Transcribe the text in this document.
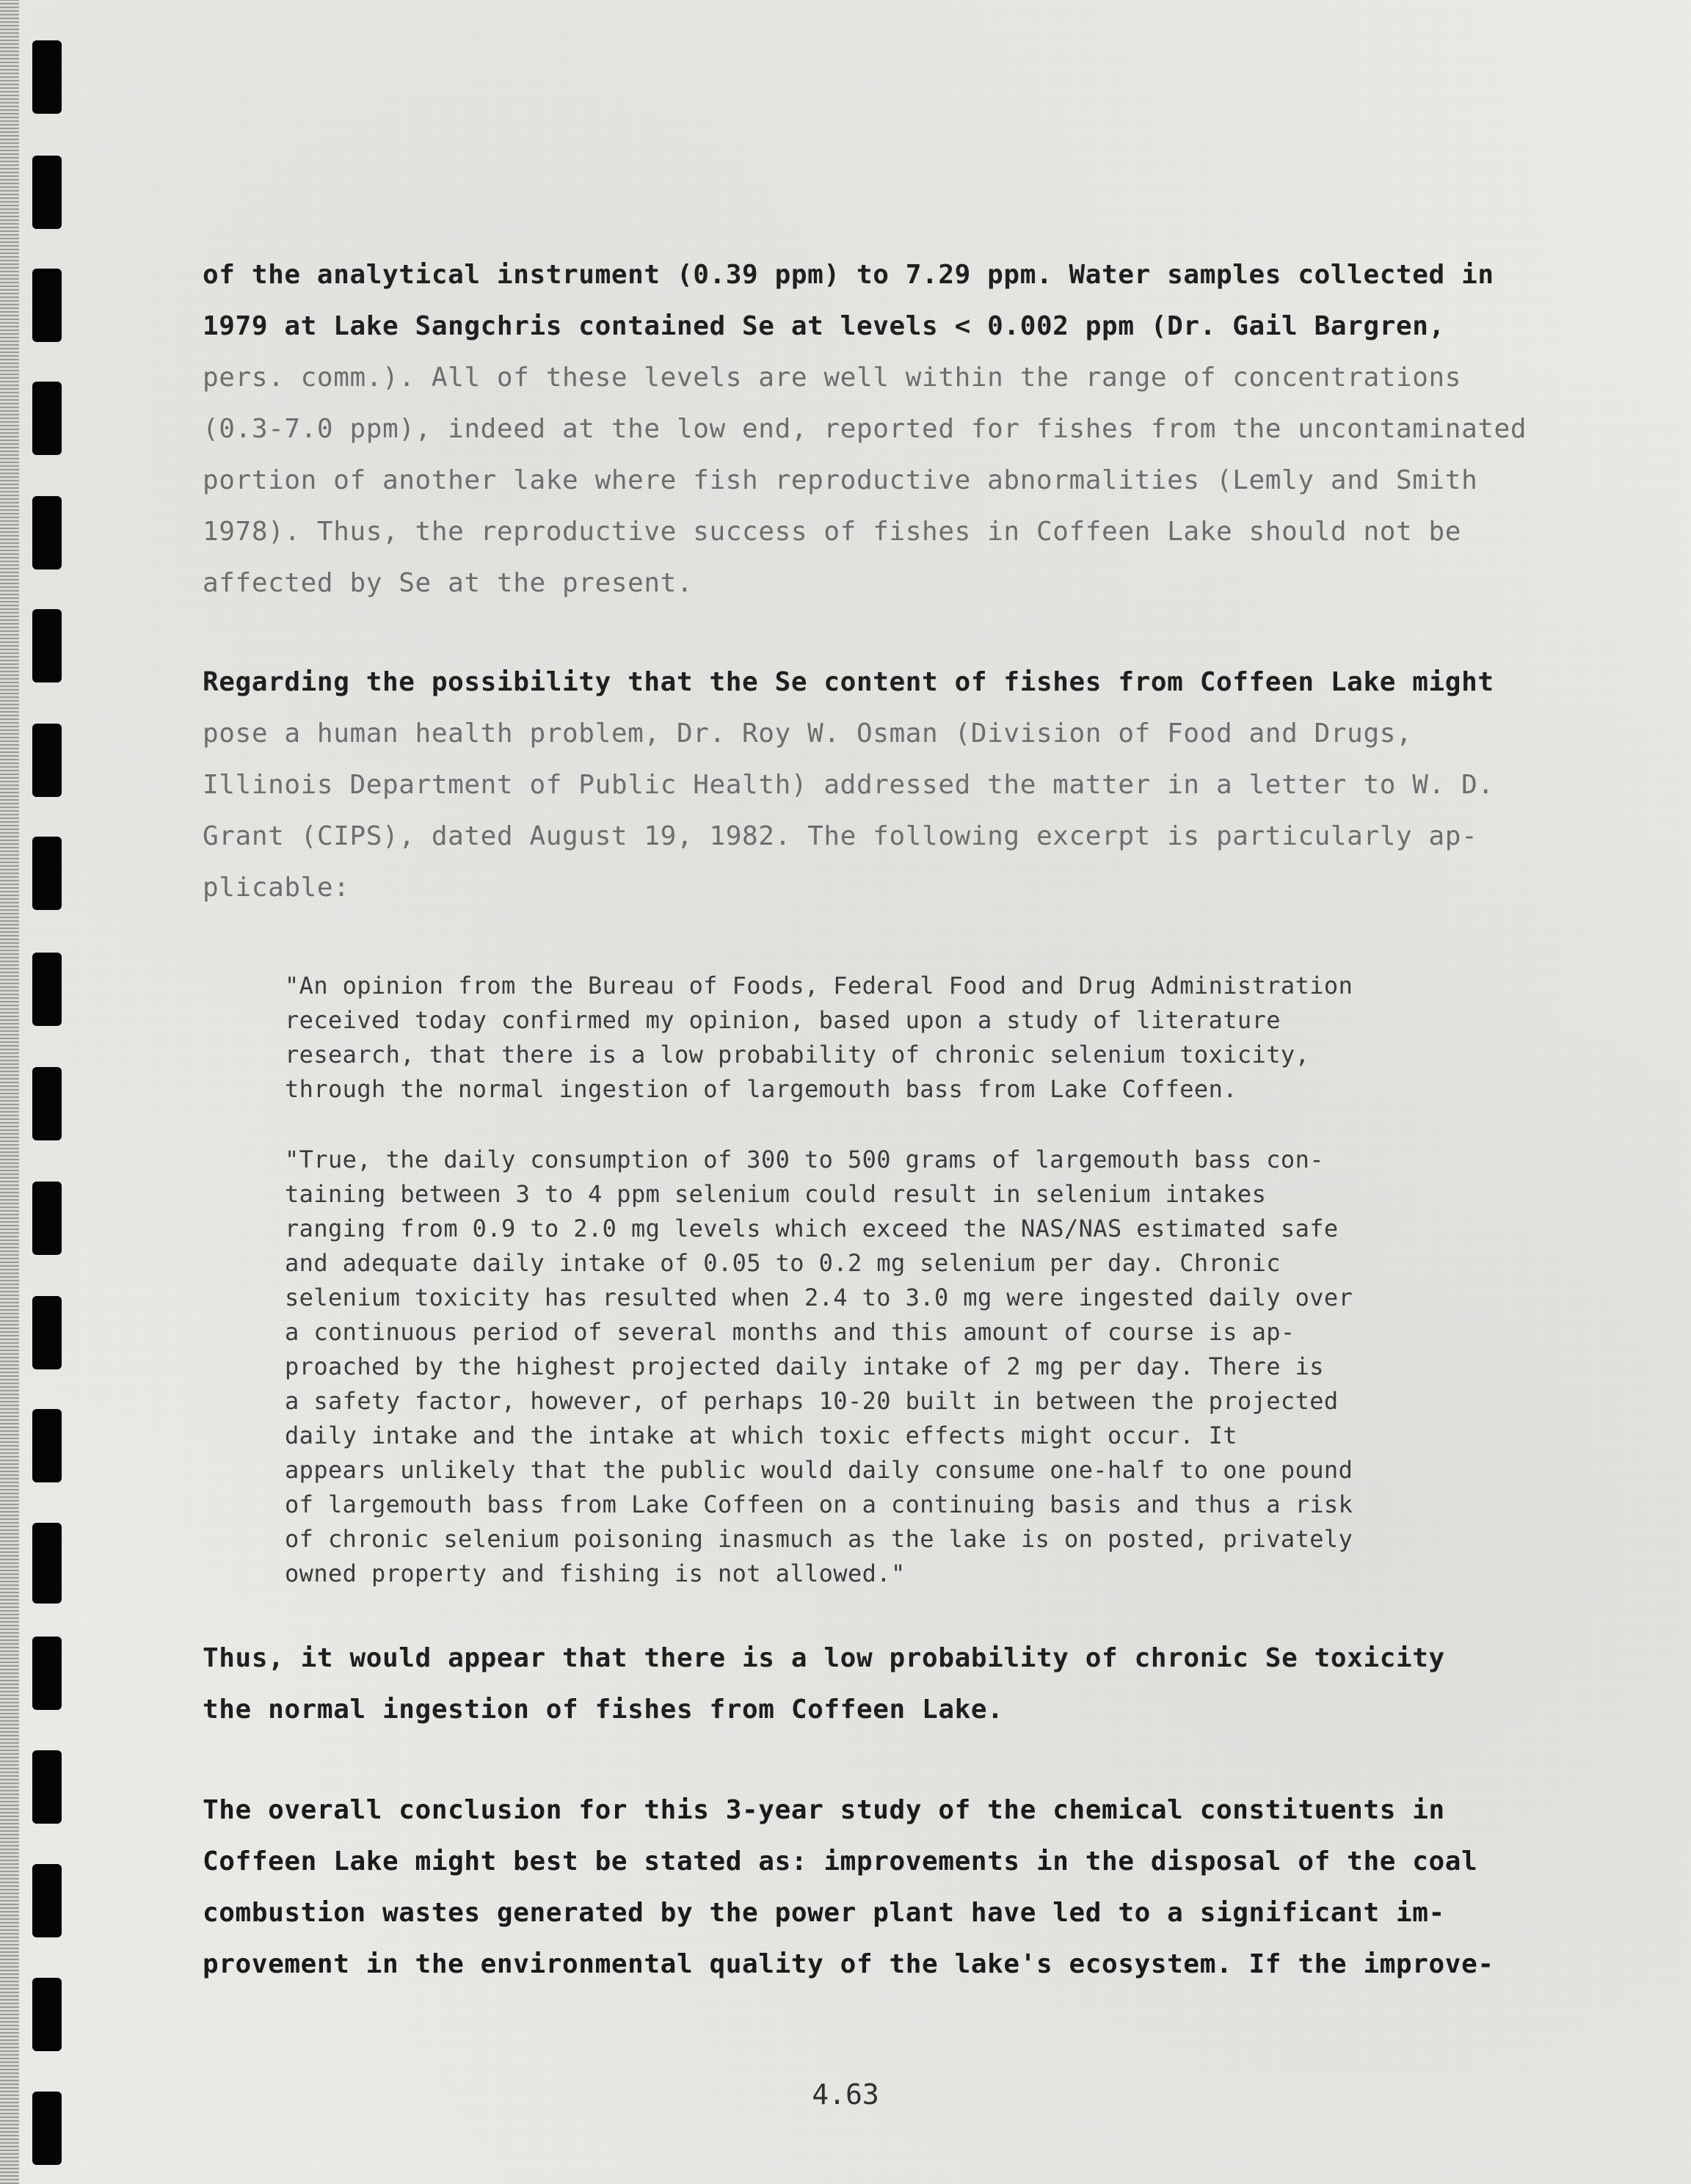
of the analytical instrument (0.39 ppm) to 7.29 ppm. Water samples collected in

1979 at Lake Sangchris contained Se at levels < 0.002 ppm (Dr. Gail Bargren,

pers. comm.). All of these levels are well within the range of concentrations

(0.3-7.0 ppm), indeed at the low end, reported for fishes from the uncontaminated

portion of another lake where fish reproductive abnormalities (Lemly and Smith

1978). Thus, the reproductive success of fishes in Coffeen Lake should not be

affected by Se at the present.

Regarding the possibility that the Se content of fishes from Coffeen Lake might

pose a human health problem, Dr. Roy W. Osman (Division of Food and Drugs,

Illinois Department of Public Health) addressed the matter in a letter to W. D.

Grant (CIPS), dated August 19, 1982. The following excerpt is particularly ap-

plicable:

"An opinion from the Bureau of Foods, Federal Food and Drug Administration

received today confirmed my opinion, based upon a study of literature

research, that there is a low probability of chronic selenium toxicity,

through the normal ingestion of largemouth bass from Lake Coffeen.

"True, the daily consumption of 300 to 500 grams of largemouth bass con-

taining between 3 to 4 ppm selenium could result in selenium intakes

ranging from 0.9 to 2.0 mg levels which exceed the NAS/NAS estimated safe

and adequate daily intake of 0.05 to 0.2 mg selenium per day. Chronic

selenium toxicity has resulted when 2.4 to 3.0 mg were ingested daily over

a continuous period of several months and this amount of course is ap-

proached by the highest projected daily intake of 2 mg per day. There is

a safety factor, however, of perhaps 10-20 built in between the projected

daily intake and the intake at which toxic effects might occur. It

appears unlikely that the public would daily consume one-half to one pound

of largemouth bass from Lake Coffeen on a continuing basis and thus a risk

of chronic selenium poisoning inasmuch as the lake is on posted, privately

owned property and fishing is not allowed."

Thus, it would appear that there is a low probability of chronic Se toxicity

the normal ingestion of fishes from Coffeen Lake.

The overall conclusion for this 3-year study of the chemical constituents in

Coffeen Lake might best be stated as: improvements in the disposal of the coal

combustion wastes generated by the power plant have led to a significant im-

provement in the environmental quality of the lake's ecosystem. If the improve-

4.63
